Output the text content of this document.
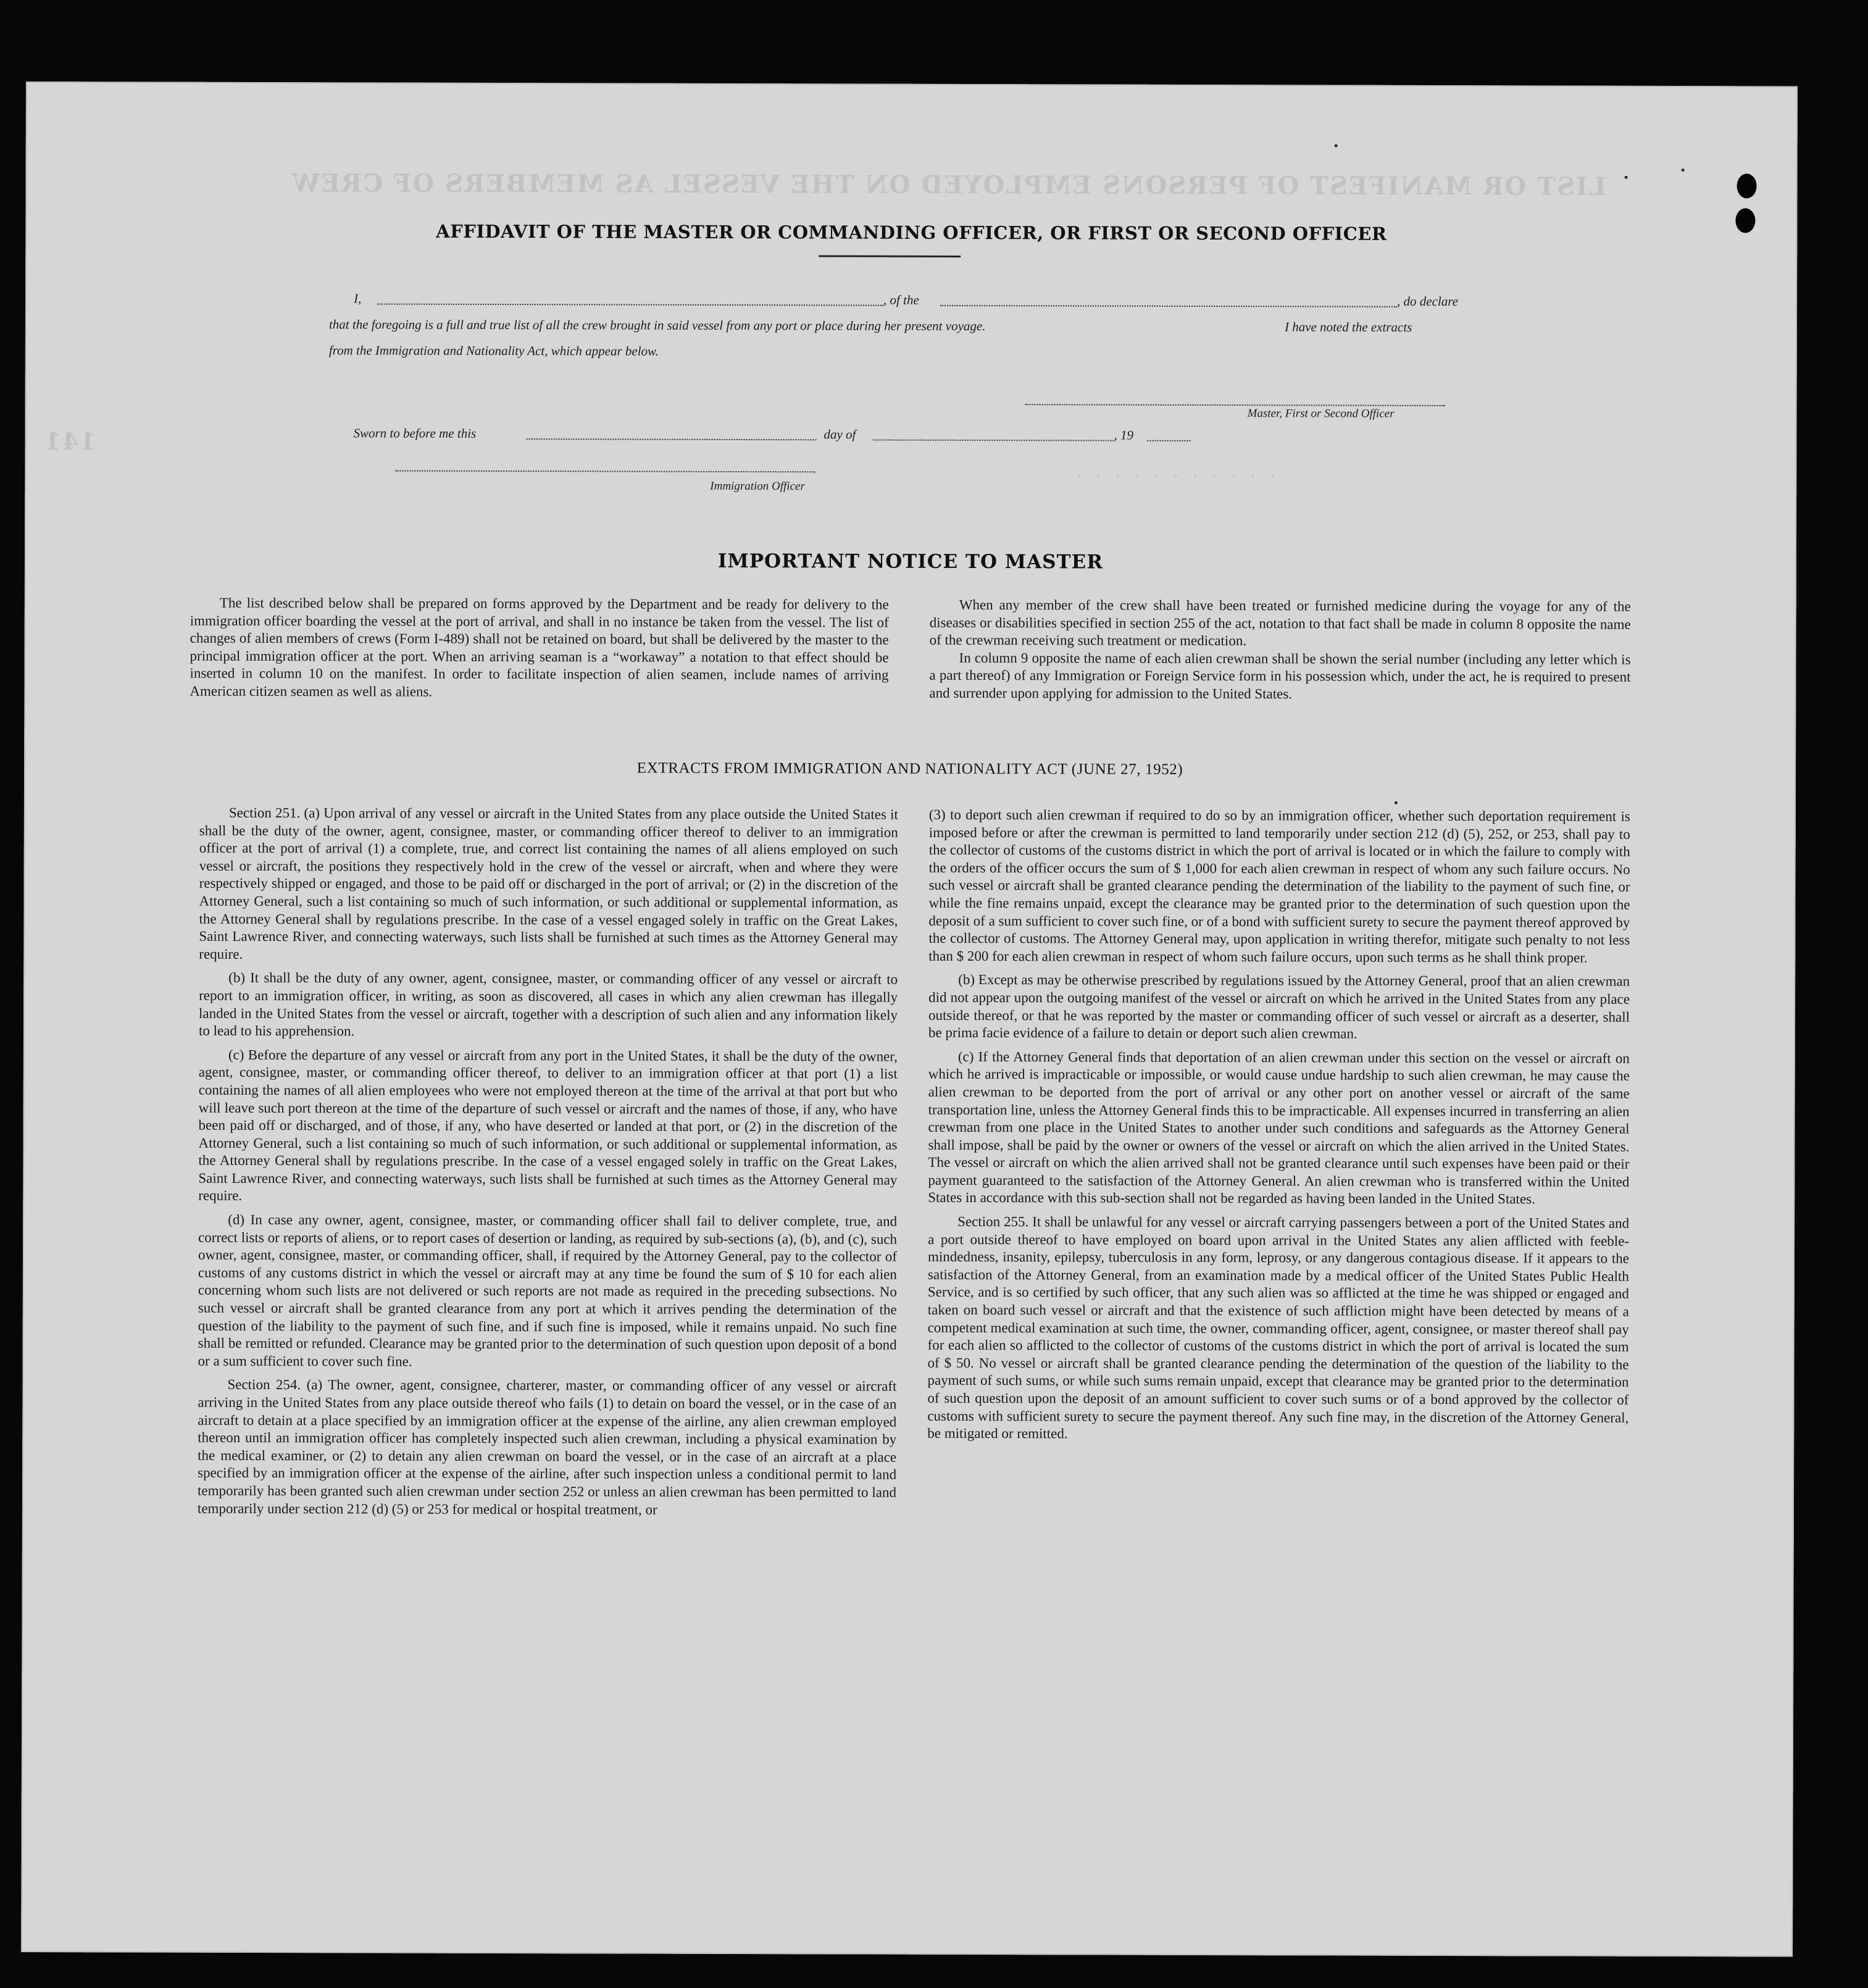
LIST OR MANIFEST OF PERSONS EMPLOYED ON THE VESSEL AS MEMBERS OF CREW
141
· · · · · · · · · · ·
AFFIDAVIT OF THE MASTER OR COMMANDING OFFICER, OR FIRST OR SECOND OFFICER
I,	, of the	, do declare
that the foregoing is a full and true list of all the crew brought in said vessel from any port or place during her present voyage.	I have noted the extracts
from the Immigration and Nationality Act, which appear below.
Master, First or Second Officer
Sworn to before me this	day of	, 19
Immigration Officer
IMPORTANT NOTICE TO MASTER

The list described below shall be prepared on forms approved by the Department and be ready for delivery to the immigration officer boarding the vessel at the port of arrival, and shall in no instance be taken from the vessel. The list of changes of alien members of crews (Form I-489) shall not be retained on board, but shall be delivered by the master to the principal immigration officer at the port. When an arriving seaman is a “workaway” a notation to that effect should be inserted in column 10 on the manifest. In order to facilitate inspection of alien seamen, include names of arriving American citizen seamen as well as aliens.

When any member of the crew shall have been treated or furnished medicine during the voyage for any of the diseases or disabilities specified in section 255 of the act, notation to that fact shall be made in column 8 opposite the name of the crewman receiving such treatment or medication.

In column 9 opposite the name of each alien crewman shall be shown the serial number (including any letter which is a part thereof) of any Immigration or Foreign Service form in his possession which, under the act, he is required to present and surrender upon applying for admission to the United States.

EXTRACTS FROM IMMIGRATION AND NATIONALITY ACT (JUNE 27, 1952)

Section 251. (a) Upon arrival of any vessel or aircraft in the United States from any place outside the United States it shall be the duty of the owner, agent, consignee, master, or commanding officer thereof to deliver to an immigration officer at the port of arrival (1) a complete, true, and correct list containing the names of all aliens employed on such vessel or aircraft, the positions they respectively hold in the crew of the vessel or aircraft, when and where they were respectively shipped or engaged, and those to be paid off or discharged in the port of arrival; or (2) in the discretion of the Attorney General, such a list containing so much of such information, or such additional or supplemental information, as the Attorney General shall by regulations prescribe. In the case of a vessel engaged solely in traffic on the Great Lakes, Saint Lawrence River, and connecting waterways, such lists shall be furnished at such times as the Attorney General may require.

(b) It shall be the duty of any owner, agent, consignee, master, or commanding officer of any vessel or aircraft to report to an immigration officer, in writing, as soon as discovered, all cases in which any alien crewman has illegally landed in the United States from the vessel or aircraft, together with a description of such alien and any information likely to lead to his apprehension.

(c) Before the departure of any vessel or aircraft from any port in the United States, it shall be the duty of the owner, agent, consignee, master, or commanding officer thereof, to deliver to an immigration officer at that port (1) a list containing the names of all alien employees who were not employed thereon at the time of the arrival at that port but who will leave such port thereon at the time of the departure of such vessel or aircraft and the names of those, if any, who have been paid off or discharged, and of those, if any, who have deserted or landed at that port, or (2) in the discretion of the Attorney General, such a list containing so much of such information, or such additional or supplemental information, as the Attorney General shall by regulations prescribe. In the case of a vessel engaged solely in traffic on the Great Lakes, Saint Lawrence River, and connecting waterways, such lists shall be furnished at such times as the Attorney General may require.

(d) In case any owner, agent, consignee, master, or commanding officer shall fail to deliver complete, true, and correct lists or reports of aliens, or to report cases of desertion or landing, as required by sub-sections (a), (b), and (c), such owner, agent, consignee, master, or commanding officer, shall, if required by the Attorney General, pay to the collector of customs of any customs district in which the vessel or aircraft may at any time be found the sum of $ 10 for each alien concerning whom such lists are not delivered or such reports are not made as required in the preceding subsections. No such vessel or aircraft shall be granted clearance from any port at which it arrives pending the determination of the question of the liability to the payment of such fine, and if such fine is imposed, while it remains unpaid. No such fine shall be remitted or refunded. Clearance may be granted prior to the determination of such question upon deposit of a bond or a sum sufficient to cover such fine.

Section 254. (a) The owner, agent, consignee, charterer, master, or commanding officer of any vessel or aircraft arriving in the United States from any place outside thereof who fails (1) to detain on board the vessel, or in the case of an aircraft to detain at a place specified by an immigration officer at the expense of the airline, any alien crewman employed thereon until an immigration officer has completely inspected such alien crewman, including a physical examination by the medical examiner, or (2) to detain any alien crewman on board the vessel, or in the case of an aircraft at a place specified by an immigration officer at the expense of the airline, after such inspection unless a conditional permit to land temporarily has been granted such alien crewman under section 252 or unless an alien crewman has been permitted to land temporarily under section 212 (d) (5) or 253 for medical or hospital treatment, or

(3) to deport such alien crewman if required to do so by an immigration officer, whether such deportation requirement is imposed before or after the crewman is permitted to land temporarily under section 212 (d) (5), 252, or 253, shall pay to the collector of customs of the customs district in which the port of arrival is located or in which the failure to comply with the orders of the officer occurs the sum of $ 1,000 for each alien crewman in respect of whom any such failure occurs. No such vessel or aircraft shall be granted clearance pending the determination of the liability to the payment of such fine, or while the fine remains unpaid, except the clearance may be granted prior to the determination of such question upon the deposit of a sum sufficient to cover such fine, or of a bond with sufficient surety to secure the payment thereof approved by the collector of customs. The Attorney General may, upon application in writing therefor, mitigate such penalty to not less than $ 200 for each alien crewman in respect of whom such failure occurs, upon such terms as he shall think proper.

(b) Except as may be otherwise prescribed by regulations issued by the Attorney General, proof that an alien crewman did not appear upon the outgoing manifest of the vessel or aircraft on which he arrived in the United States from any place outside thereof, or that he was reported by the master or commanding officer of such vessel or aircraft as a deserter, shall be prima facie evidence of a failure to detain or deport such alien crewman.

(c) If the Attorney General finds that deportation of an alien crewman under this section on the vessel or aircraft on which he arrived is impracticable or impossible, or would cause undue hardship to such alien crewman, he may cause the alien crewman to be deported from the port of arrival or any other port on another vessel or aircraft of the same transportation line, unless the Attorney General finds this to be impracticable. All expenses incurred in transferring an alien crewman from one place in the United States to another under such conditions and safeguards as the Attorney General shall impose, shall be paid by the owner or owners of the vessel or aircraft on which the alien arrived in the United States. The vessel or aircraft on which the alien arrived shall not be granted clearance until such expenses have been paid or their payment guaranteed to the satisfaction of the Attorney General. An alien crewman who is transferred within the United States in accordance with this sub-section shall not be regarded as having been landed in the United States.

Section 255. It shall be unlawful for any vessel or aircraft carrying passengers between a port of the United States and a port outside thereof to have employed on board upon arrival in the United States any alien afflicted with feeble-mindedness, insanity, epilepsy, tuberculosis in any form, leprosy, or any dangerous contagious disease. If it appears to the satisfaction of the Attorney General, from an examination made by a medical officer of the United States Public Health Service, and is so certified by such officer, that any such alien was so afflicted at the time he was shipped or engaged and taken on board such vessel or aircraft and that the existence of such affliction might have been detected by means of a competent medical examination at such time, the owner, commanding officer, agent, consignee, or master thereof shall pay for each alien so afflicted to the collector of customs of the customs district in which the port of arrival is located the sum of $ 50. No vessel or aircraft shall be granted clearance pending the determination of the question of the liability to the payment of such sums, or while such sums remain unpaid, except that clearance may be granted prior to the determination of such question upon the deposit of an amount sufficient to cover such sums or of a bond approved by the collector of customs with sufficient surety to secure the payment thereof. Any such fine may, in the discretion of the Attorney General, be mitigated or remitted.
